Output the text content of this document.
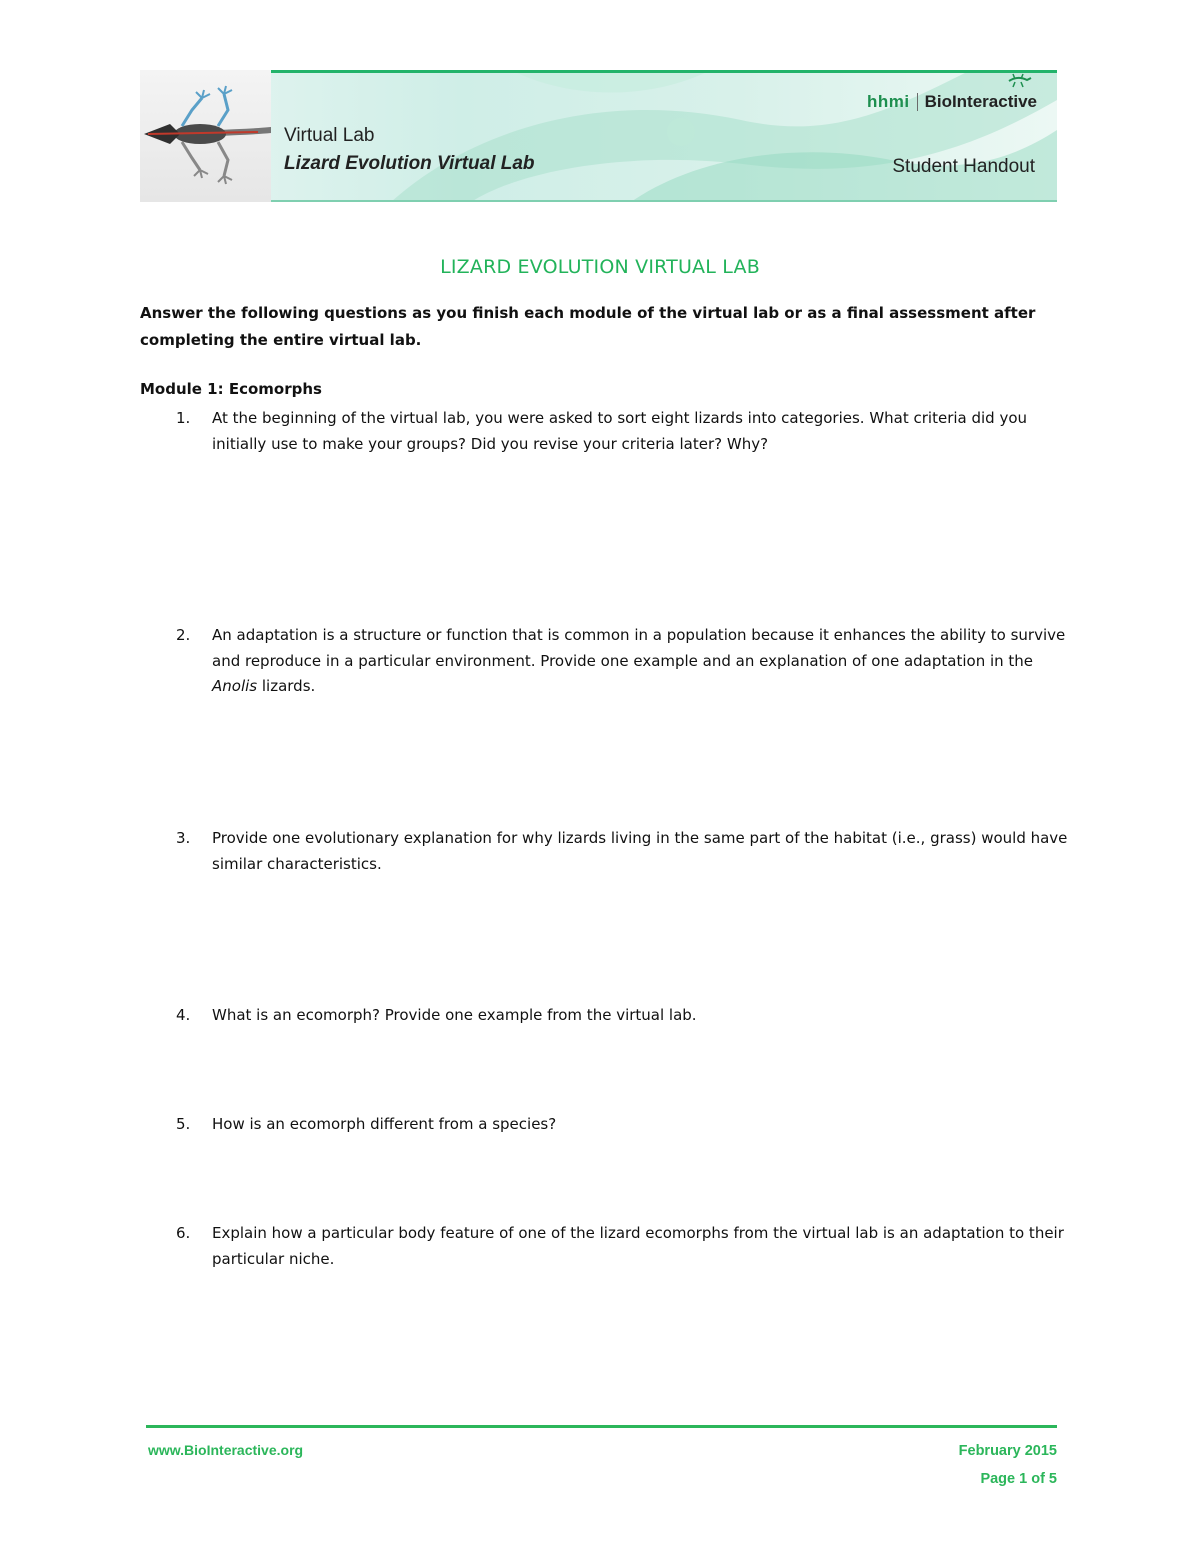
Virtual Lab
Lizard Evolution Virtual Lab
hhmi BioInteractive
Student Handout
LIZARD EVOLUTION VIRTUAL LAB
Answer the following questions as you finish each module of the virtual lab or as a final assessment after completing the entire virtual lab.
Module 1: Ecomorphs
1. At the beginning of the virtual lab, you were asked to sort eight lizards into categories. What criteria did you initially use to make your groups? Did you revise your criteria later? Why?
2. An adaptation is a structure or function that is common in a population because it enhances the ability to survive and reproduce in a particular environment. Provide one example and an explanation of one adaptation in the Anolis lizards.
3. Provide one evolutionary explanation for why lizards living in the same part of the habitat (i.e., grass) would have similar characteristics.
4. What is an ecomorph? Provide one example from the virtual lab.
5. How is an ecomorph different from a species?
6. Explain how a particular body feature of one of the lizard ecomorphs from the virtual lab is an adaptation to their particular niche.
www.BioInteractive.org	February 2015
Page 1 of 5
